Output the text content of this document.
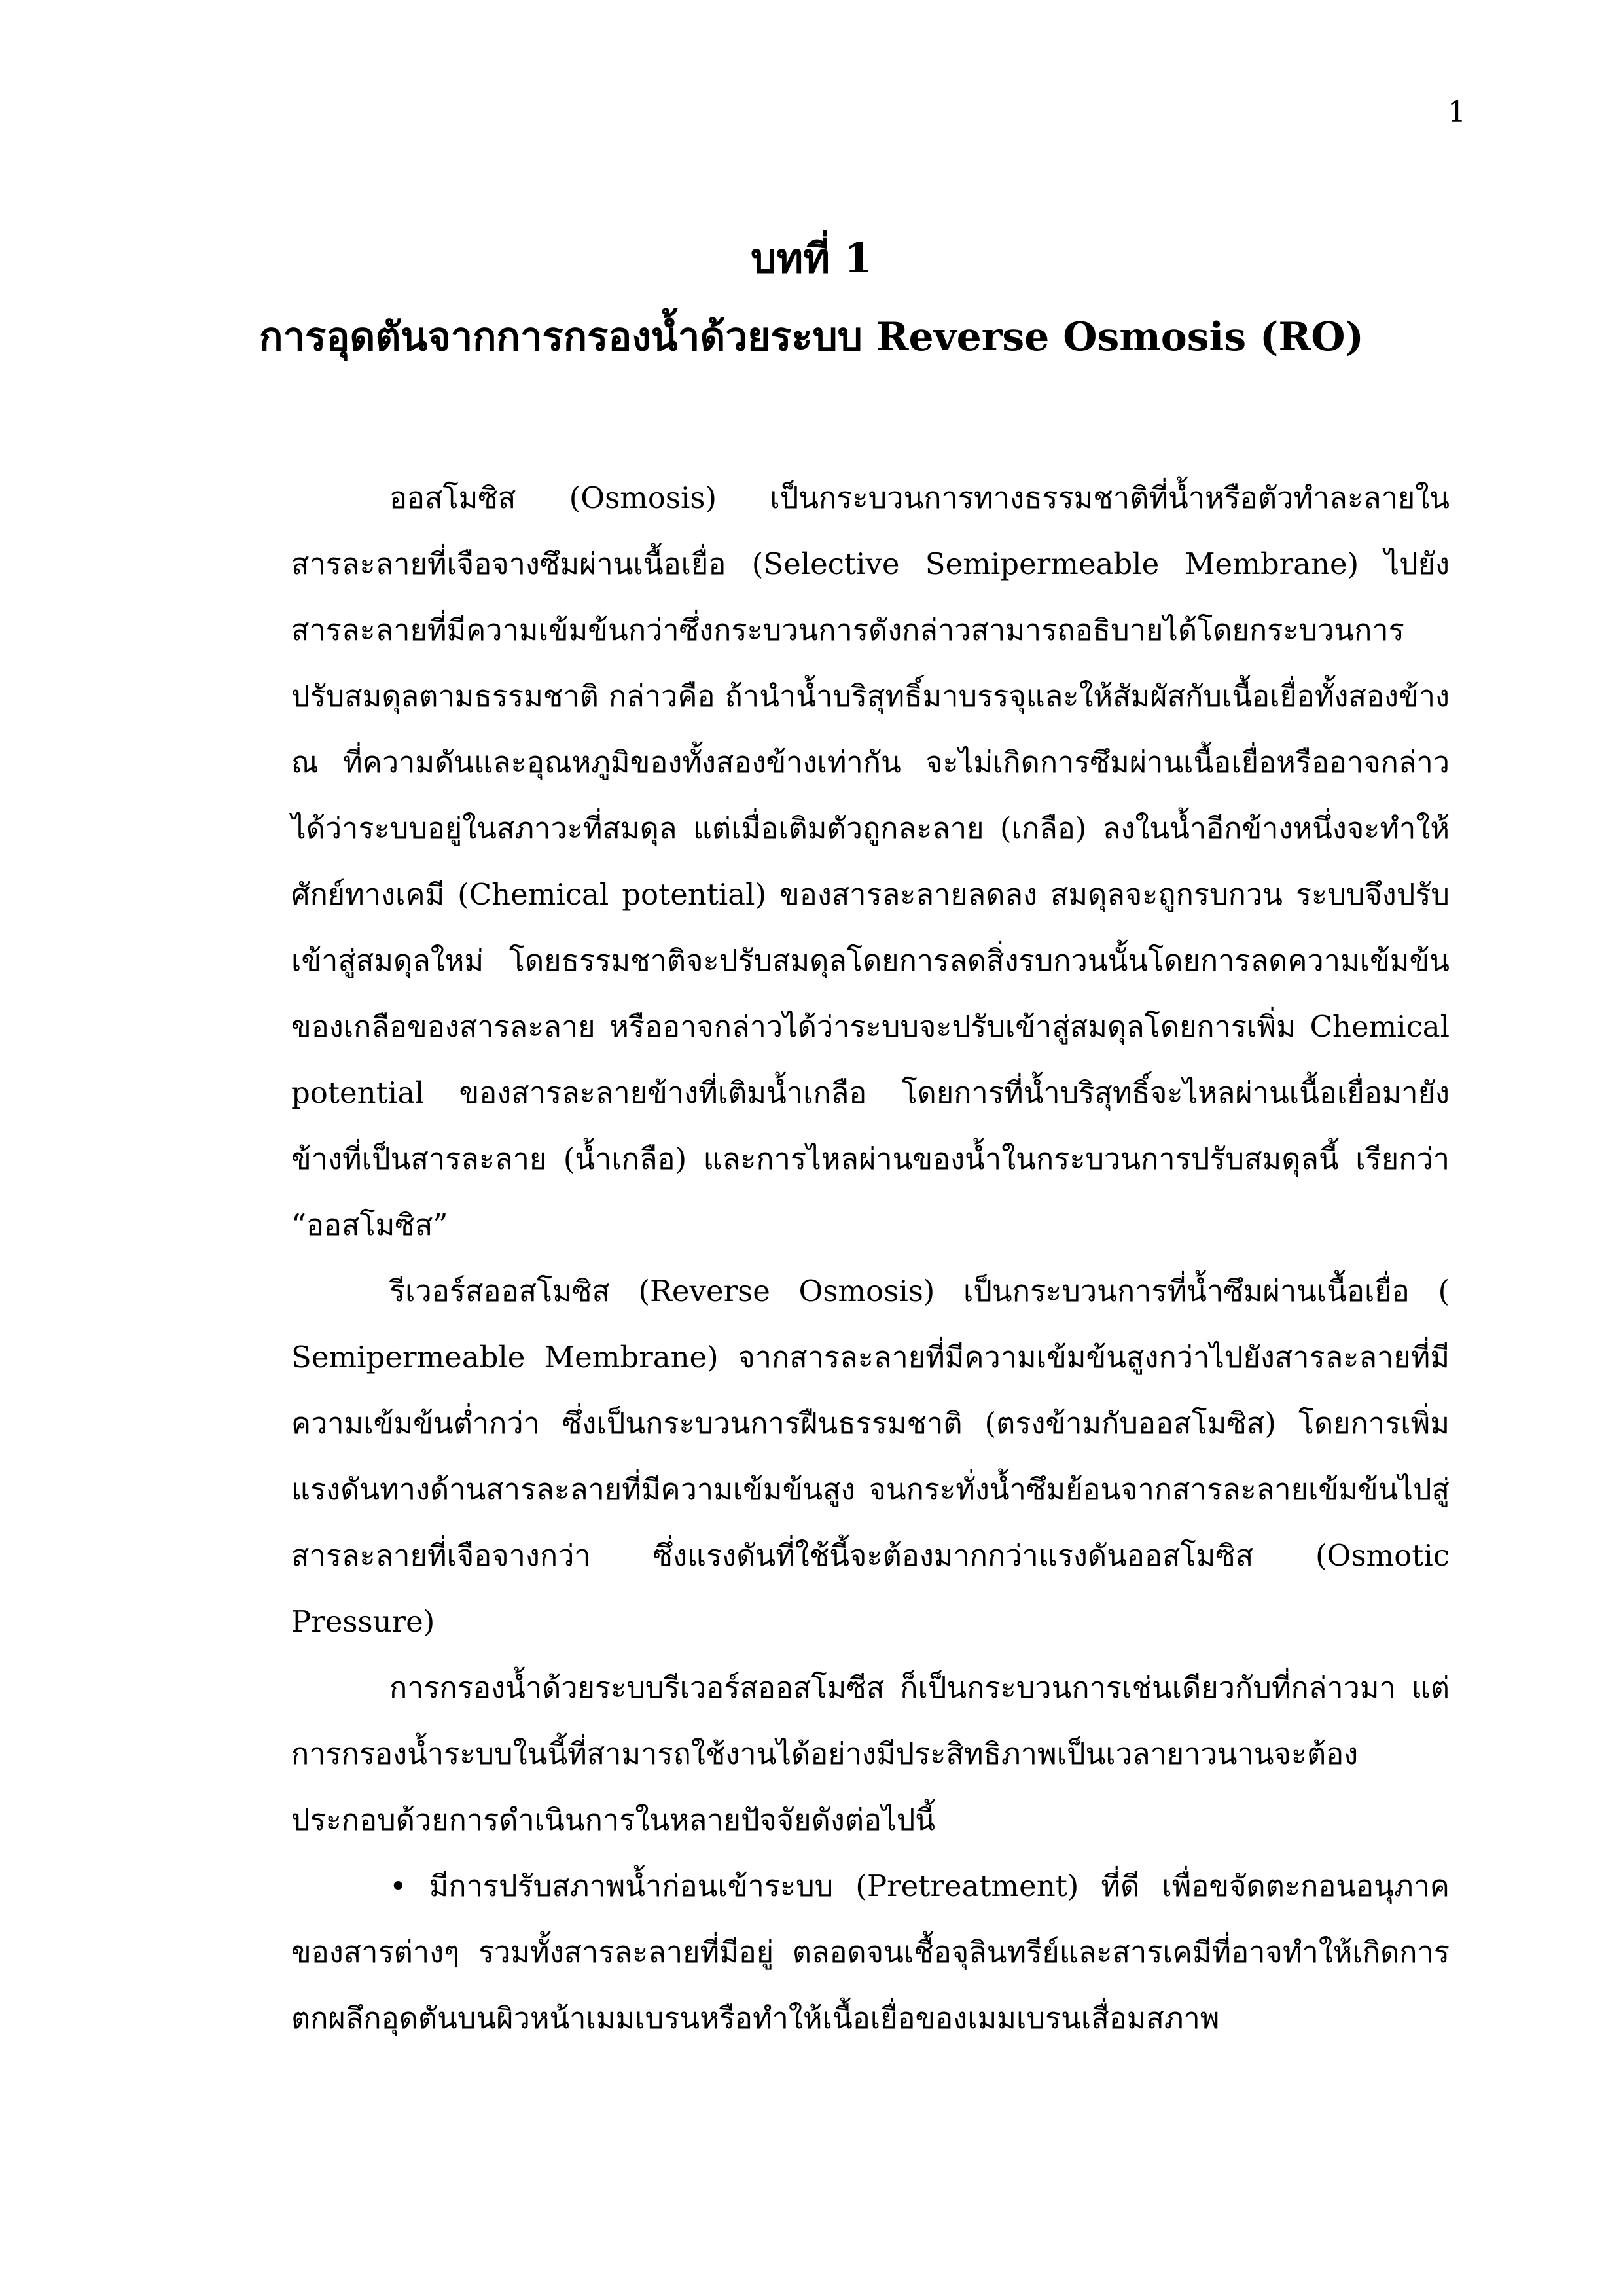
1
บทที่ 1
การอุดตันจากการกรองน้ำด้วยระบบ Reverse Osmosis (RO)

ออสโมซิส (Osmosis) เป็นกระบวนการทางธรรมชาติที่น้ำหรือตัวทำละลายในสารละลายที่เจือจางซึมผ่านเนื้อเยื่อ (Selective Semipermeable Membrane) ไปยังสารละลายที่มีความเข้มข้นกว่าซึ่งกระบวนการดังกล่าวสามารถอธิบายได้โดยกระบวนการปรับสมดุลตามธรรมชาติ กล่าวคือ ถ้านำน้ำบริสุทธิ์มาบรรจุและให้สัมผัสกับเนื้อเยื่อทั้งสองข้าง ณ ที่ความดันและอุณหภูมิของทั้งสองข้างเท่ากัน จะไม่เกิดการซึมผ่านเนื้อเยื่อหรืออาจกล่าวได้ว่าระบบอยู่ในสภาวะที่สมดุล แต่เมื่อเติมตัวถูกละลาย (เกลือ) ลงในน้ำอีกข้างหนึ่งจะทำให้ศักย์ทางเคมี (Chemical potential) ของสารละลายลดลง สมดุลจะถูกรบกวน ระบบจึงปรับเข้าสู่สมดุลใหม่ โดยธรรมชาติจะปรับสมดุลโดยการลดสิ่งรบกวนนั้นโดยการลดความเข้มข้นของเกลือของสารละลาย หรืออาจกล่าวได้ว่าระบบจะปรับเข้าสู่สมดุลโดยการเพิ่ม Chemical potential ของสารละลายข้างที่เติมน้ำเกลือ โดยการที่น้ำบริสุทธิ์จะไหลผ่านเนื้อเยื่อมายังข้างที่เป็นสารละลาย (น้ำเกลือ) และการไหลผ่านของน้ำในกระบวนการปรับสมดุลนี้ เรียกว่า “ออสโมซิส”

รีเวอร์สออสโมซิส (Reverse Osmosis) เป็นกระบวนการที่น้ำซึมผ่านเนื้อเยื่อ ( Semipermeable Membrane) จากสารละลายที่มีความเข้มข้นสูงกว่าไปยังสารละลายที่มีความเข้มข้นต่ำกว่า ซึ่งเป็นกระบวนการฝืนธรรมชาติ (ตรงข้ามกับออสโมซิส) โดยการเพิ่มแรงดันทางด้านสารละลายที่มีความเข้มข้นสูง จนกระทั่งน้ำซึมย้อนจากสารละลายเข้มข้นไปสู่สารละลายที่เจือจางกว่า ซึ่งแรงดันที่ใช้นี้จะต้องมากกว่าแรงดันออสโมซิส (Osmotic Pressure)

การกรองน้ำด้วยระบบรีเวอร์สออสโมซีส ก็เป็นกระบวนการเช่นเดียวกับที่กล่าวมา แต่การกรองน้ำระบบในนี้ที่สามารถใช้งานได้อย่างมีประสิทธิภาพเป็นเวลายาวนานจะต้องประกอบด้วยการดำเนินการในหลายปัจจัยดังต่อไปนี้

• มีการปรับสภาพน้ำก่อนเข้าระบบ (Pretreatment) ที่ดี เพื่อขจัดตะกอนอนุภาคของสารต่างๆ รวมทั้งสารละลายที่มีอยู่ ตลอดจนเชื้อจุลินทรีย์และสารเคมีที่อาจทำให้เกิดการตกผลึกอุดตันบนผิวหน้าเมมเบรนหรือทำให้เนื้อเยื่อของเมมเบรนเสื่อมสภาพ
